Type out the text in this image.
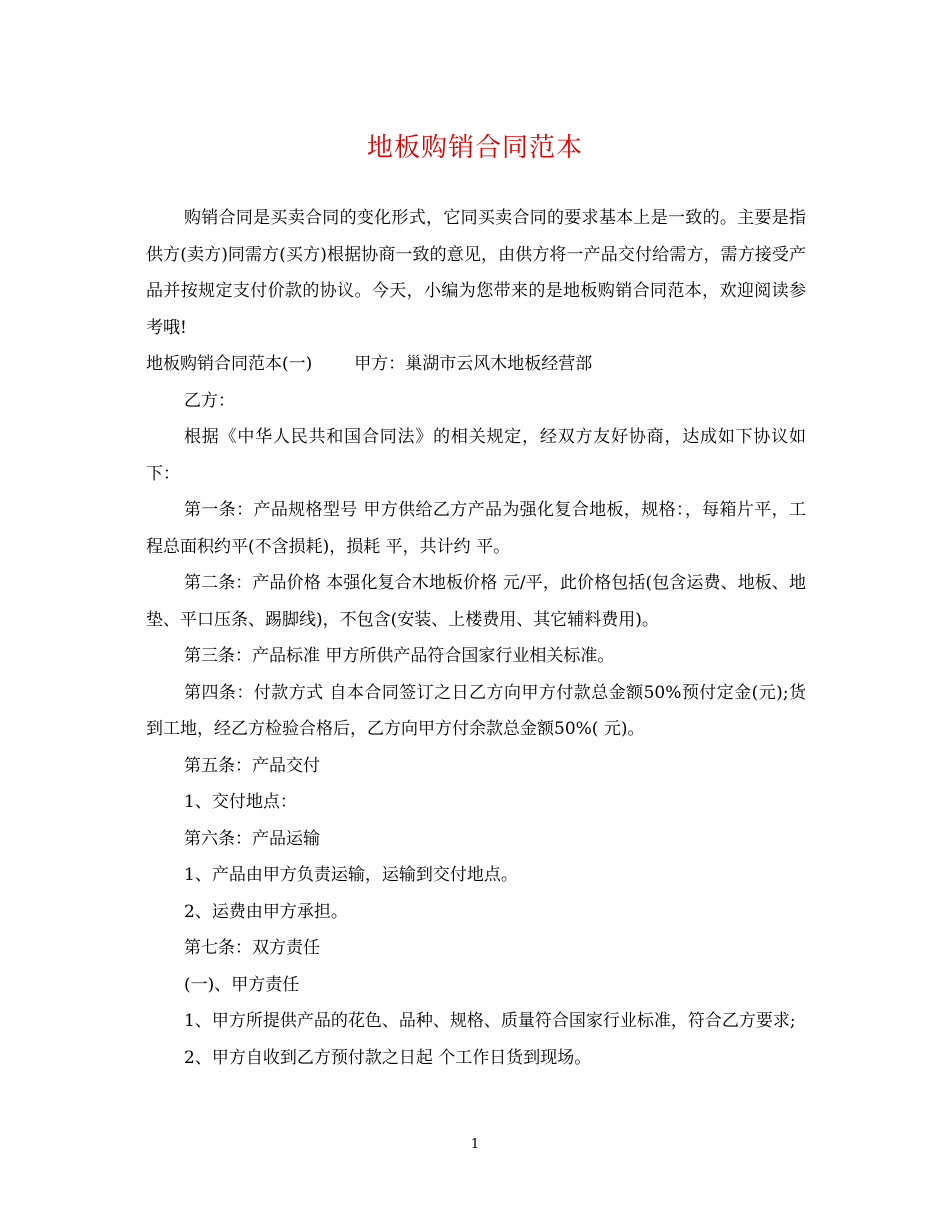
地板购销合同范本

购销合同是买卖合同的变化形式，它同买卖合同的要求基本上是一致的。主要是指供方(卖方)同需方(买方)根据协商一致的意见，由供方将一产品交付给需方，需方接受产品并按规定支付价款的协议。今天，小编为您带来的是地板购销合同范本，欢迎阅读参考哦!

地板购销合同范本(一) 甲方：巢湖市云风木地板经营部

乙方：

根据《中华人民共和国合同法》的相关规定，经双方友好协商，达成如下协议如下：

第一条：产品规格型号 甲方供给乙方产品为强化复合地板，规格：，每箱片平，工程总面积约平(不含损耗)，损耗 平，共计约 平。

第二条：产品价格 本强化复合木地板价格 元/平，此价格包括(包含运费、地板、地垫、平口压条、踢脚线)，不包含(安装、上楼费用、其它辅料费用)。

第三条：产品标准 甲方所供产品符合国家行业相关标准。

第四条：付款方式 自本合同签订之日乙方向甲方付款总金额50%预付定金(元);货到工地，经乙方检验合格后，乙方向甲方付余款总金额50%( 元)。

第五条：产品交付

1、交付地点：

第六条：产品运输

1、产品由甲方负责运输，运输到交付地点。

2、运费由甲方承担。

第七条：双方责任

(一)、甲方责任

1、甲方所提供产品的花色、品种、规格、质量符合国家行业标准，符合乙方要求;

2、甲方自收到乙方预付款之日起 个工作日货到现场。

1
